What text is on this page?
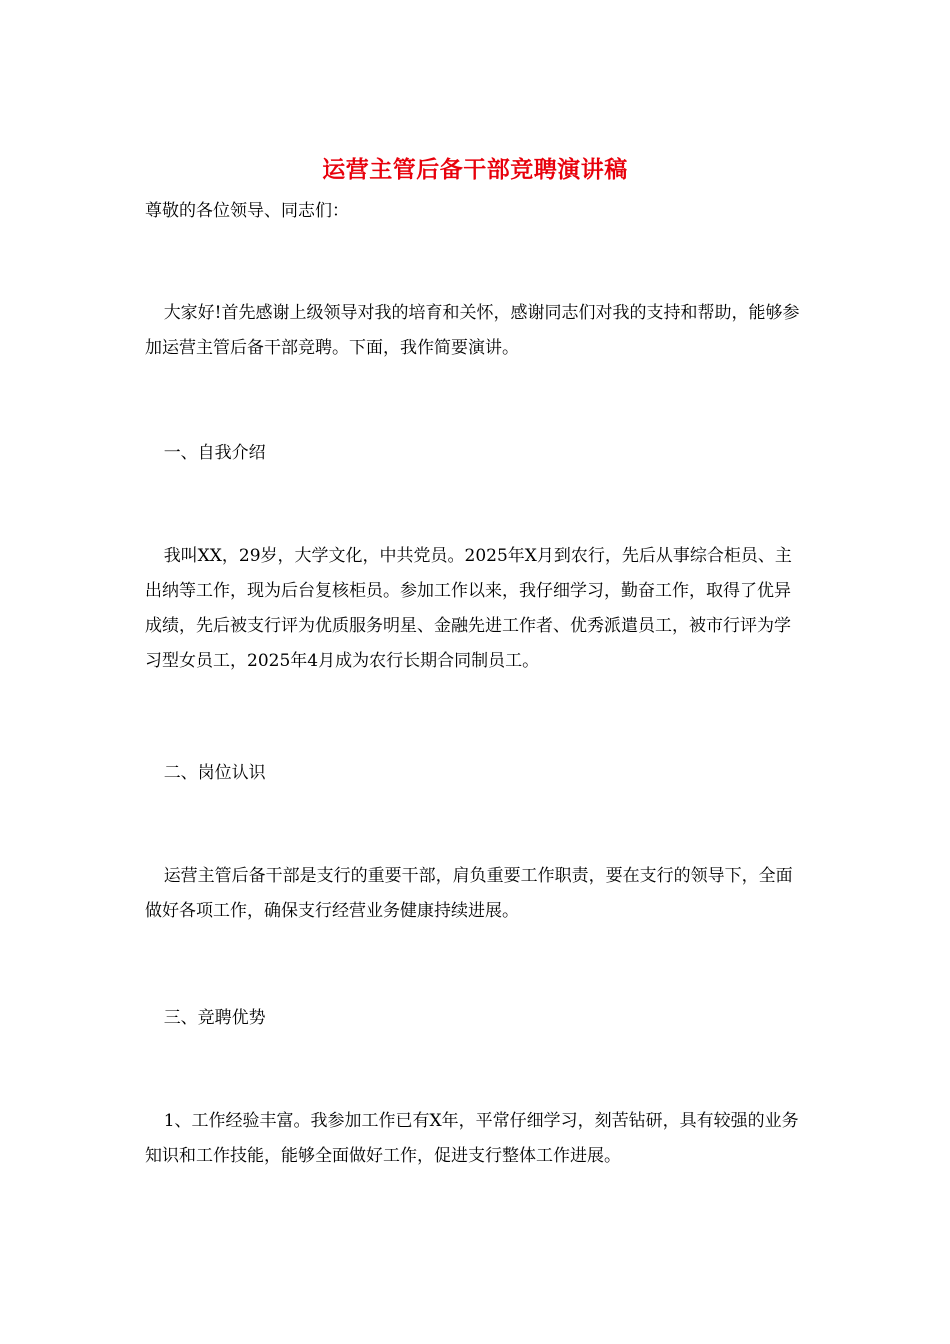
运营主管后备干部竞聘演讲稿

尊敬的各位领导、同志们：

大家好!首先感谢上级领导对我的培育和关怀，感谢同志们对我的支持和帮助，能够参加运营主管后备干部竞聘。下面，我作简要演讲。

一、自我介绍

我叫XX，29岁，大学文化，中共党员。2025年X月到农行，先后从事综合柜员、主出纳等工作，现为后台复核柜员。参加工作以来，我仔细学习，勤奋工作，取得了优异成绩，先后被支行评为优质服务明星、金融先进工作者、优秀派遣员工，被市行评为学习型女员工，2025年4月成为农行长期合同制员工。

二、岗位认识

运营主管后备干部是支行的重要干部，肩负重要工作职责，要在支行的领导下，全面做好各项工作，确保支行经营业务健康持续进展。

三、竞聘优势

1、工作经验丰富。我参加工作已有X年，平常仔细学习，刻苦钻研，具有较强的业务知识和工作技能，能够全面做好工作，促进支行整体工作进展。
